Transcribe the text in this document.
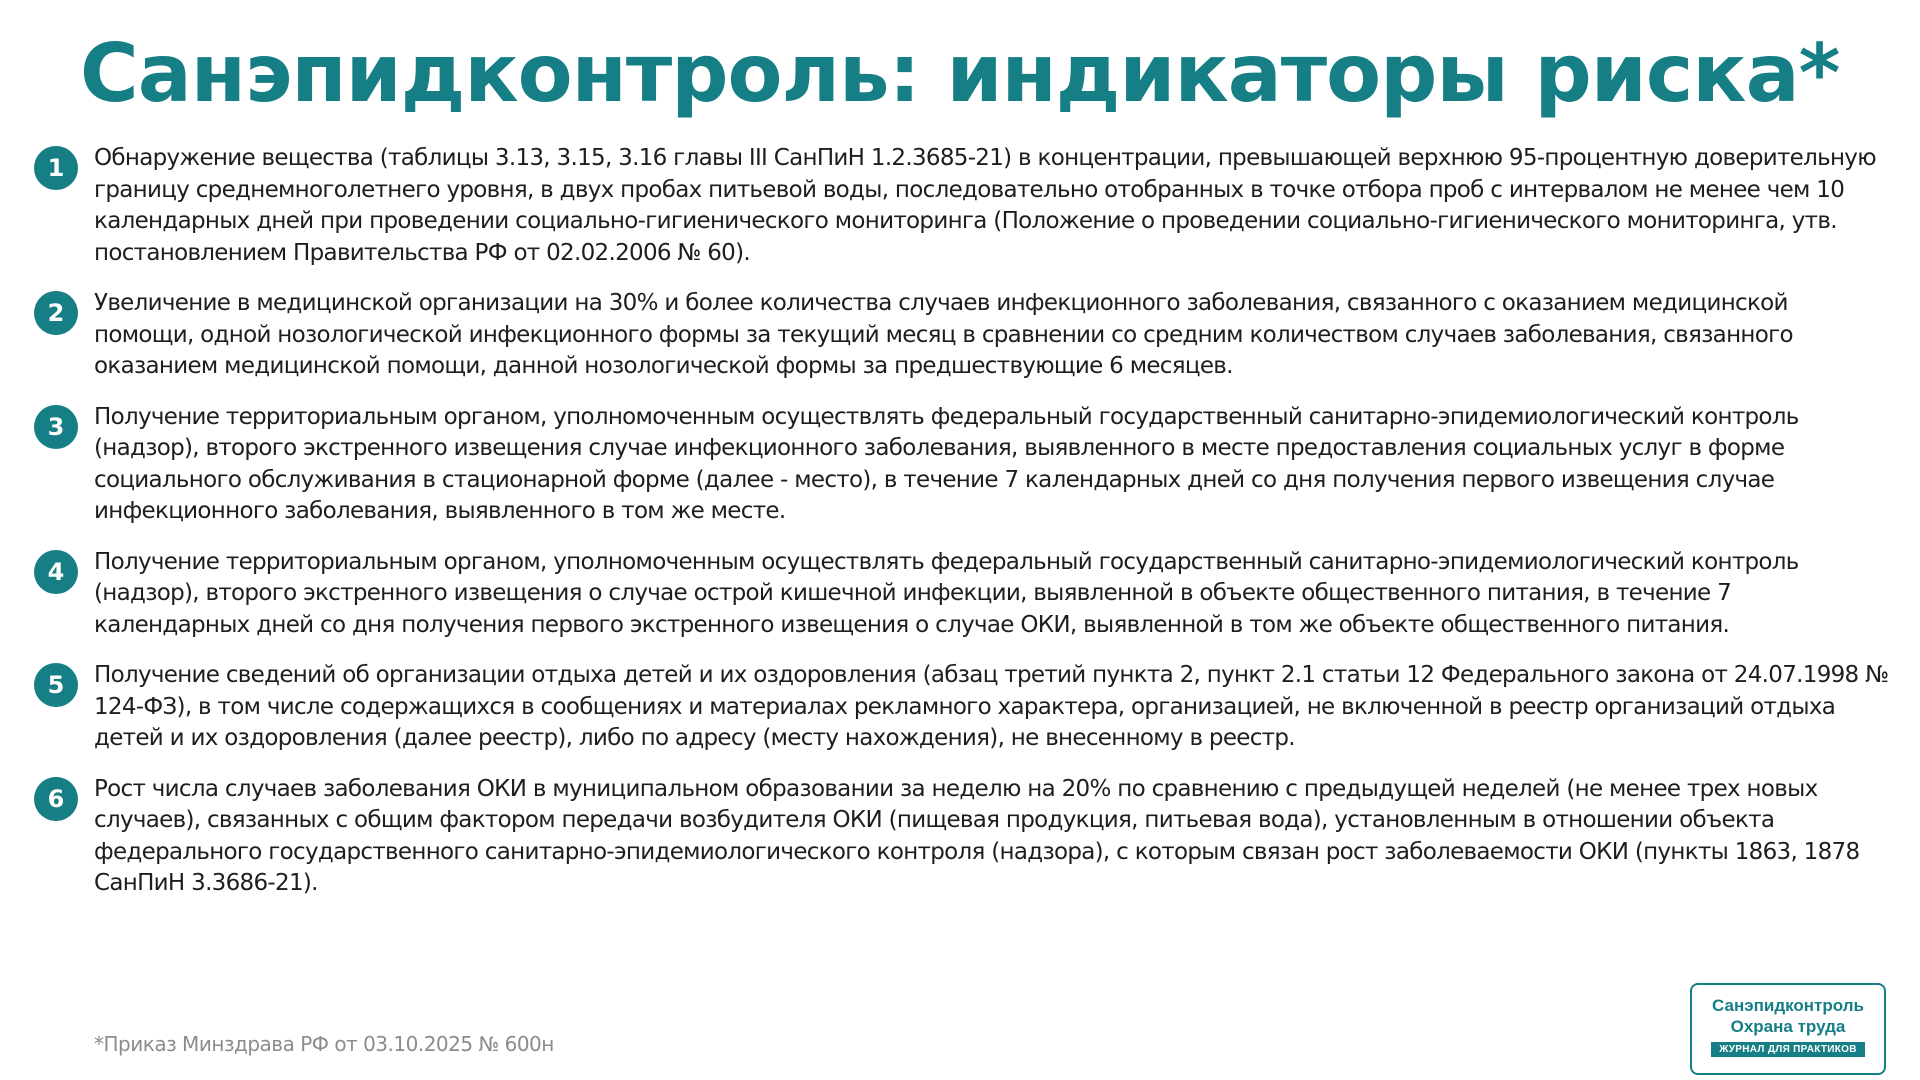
Санэпидконтроль: индикаторы риска*
1	Обнаружение вещества (таблицы 3.13, 3.15, 3.16 главы III СанПиН 1.2.3685-21) в концентрации, превышающей верхнюю 95-процентную доверительную границу среднемноголетнего уровня, в двух пробах питьевой воды, последовательно отобранных в точке отбора проб с интервалом не менее чем 10 календарных дней при проведении социально-гигиенического мониторинга (Положение о проведении социально-гигиенического мониторинга, утв. постановлением Правительства РФ от 02.02.2006 № 60).

2	Увеличение в медицинской организации на 30% и более количества случаев инфекционного заболевания, связанного с оказанием медицинской помощи, одной нозологической инфекционного формы за текущий месяц в сравнении со средним количеством случаев заболевания, связанного оказанием медицинской помощи, данной нозологической формы за предшествующие 6 месяцев.

3	Получение территориальным органом, уполномоченным осуществлять федеральный государственный санитарно-эпидемиологический контроль (надзор), второго экстренного извещения случае инфекционного заболевания, выявленного в месте предоставления социальных услуг в форме социального обслуживания в стационарной форме (далее - место), в течение 7 календарных дней со дня получения первого извещения случае инфекционного заболевания, выявленного в том же месте.

4	Получение территориальным органом, уполномоченным осуществлять федеральный государственный санитарно-эпидемиологический контроль (надзор), второго экстренного извещения о случае острой кишечной инфекции, выявленной в объекте общественного питания, в течение 7 календарных дней со дня получения первого экстренного извещения о случае ОКИ, выявленной в том же объекте общественного питания.

5	Получение сведений об организации отдыха детей и их оздоровления (абзац третий пункта 2, пункт 2.1 статьи 12 Федерального закона от 24.07.1998 № 124-ФЗ), в том числе содержащихся в сообщениях и материалах рекламного характера, организацией, не включенной в реестр организаций отдыха детей и их оздоровления (далее реестр), либо по адресу (месту нахождения), не внесенному в реестр.

6	Рост числа случаев заболевания ОКИ в муниципальном образовании за неделю на 20% по сравнению с предыдущей неделей (не менее трех новых случаев), связанных с общим фактором передачи возбудителя ОКИ (пищевая продукция, питьевая вода), установленным в отношении объекта федерального государственного санитарно-эпидемиологического контроля (надзора), с которым связан рост заболеваемости ОКИ (пункты 1863, 1878 СанПиН 3.3686-21).

*Приказ Минздрава РФ от 03.10.2025 № 600н

Санэпидконтроль
Охрана труда
ЖУРНАЛ ДЛЯ ПРАКТИКОВ
